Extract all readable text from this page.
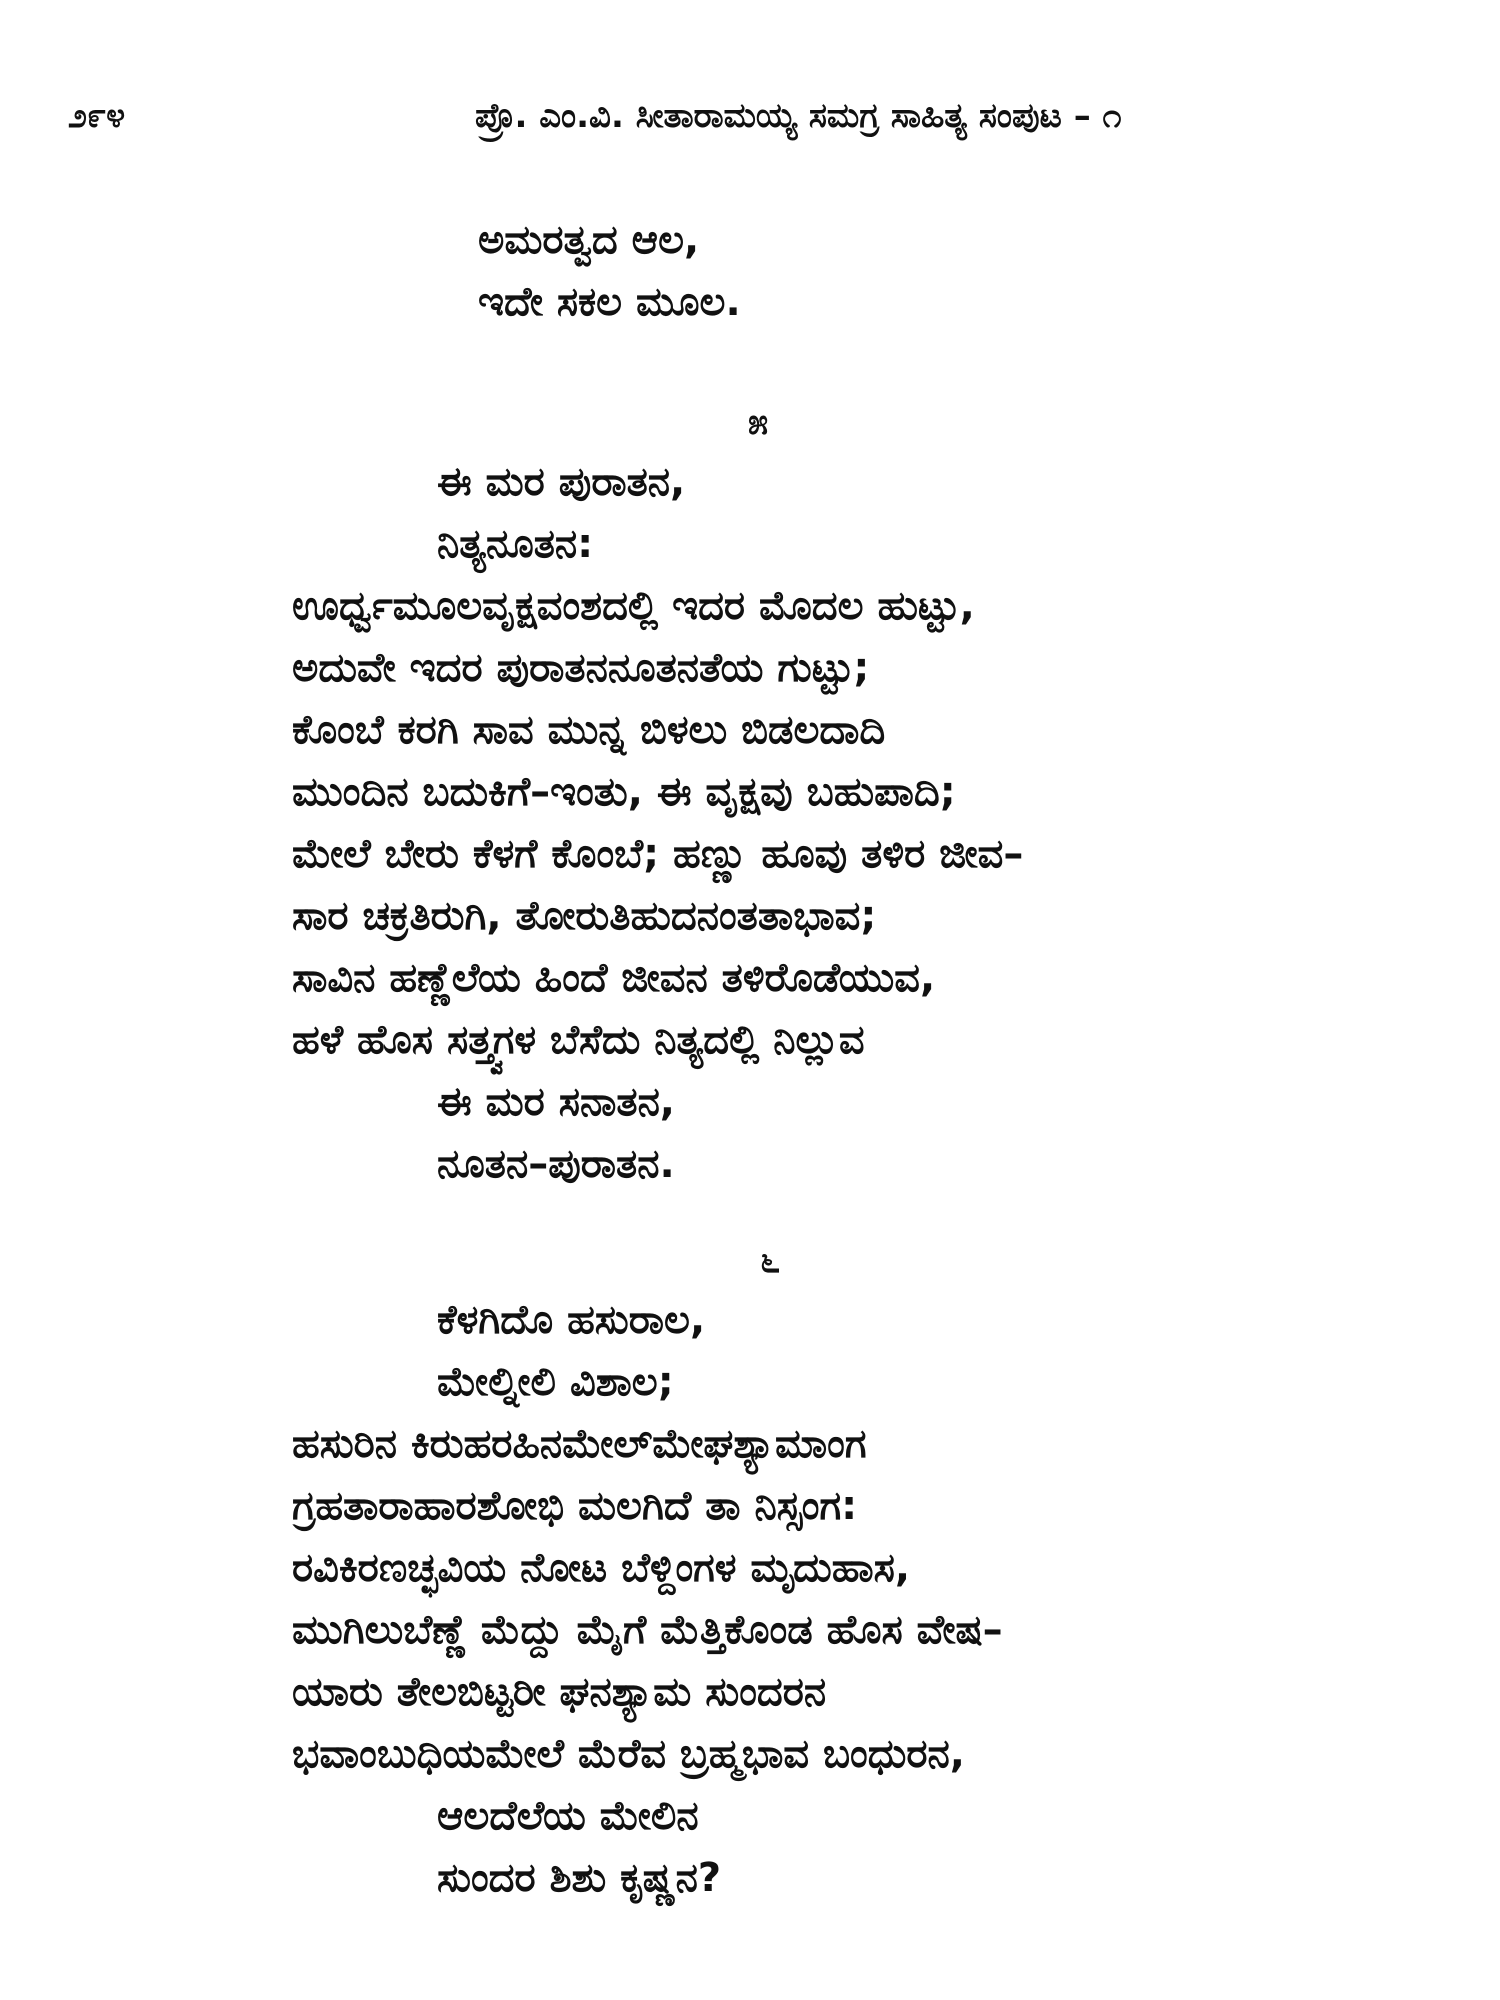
೨೯೪	ಪ್ರೊ. ಎಂ.ವಿ. ಸೀತಾರಾಮಯ್ಯ ಸಮಗ್ರ ಸಾಹಿತ್ಯ ಸಂಪುಟ – ೧
ಅಮರತ್ವದ ಆಲ,
ಇದೇ ಸಕಲ ಮೂಲ.
೫
ಈ ಮರ ಪುರಾತನ,
ನಿತ್ಯನೂತನ:
ಊರ್ಧ್ವಮೂಲವೃಕ್ಷವಂಶದಲ್ಲಿ ಇದರ ಮೊದಲ ಹುಟ್ಟು,
ಅದುವೇ ಇದರ ಪುರಾತನನೂತನತೆಯ ಗುಟ್ಟು;
ಕೊಂಬೆ ಕರಗಿ ಸಾವ ಮುನ್ನ ಬಿಳಲು ಬಿಡಲದಾದಿ
ಮುಂದಿನ ಬದುಕಿಗೆ–ಇಂತು, ಈ ವೃಕ್ಷವು ಬಹುಪಾದಿ;
ಮೇಲೆ ಬೇರು ಕೆಳಗೆ ಕೊಂಬೆ; ಹಣ್ಣು ಹೂವು ತಳಿರ ಜೀವ–
ಸಾರ ಚಕ್ರತಿರುಗಿ, ತೋರುತಿಹುದನಂತತಾಭಾವ;
ಸಾವಿನ ಹಣ್ಣೆಲೆಯ ಹಿಂದೆ ಜೀವನ ತಳಿರೊಡೆಯುವ,
ಹಳೆ ಹೊಸ ಸತ್ತ್ವಗಳ ಬೆಸೆದು ನಿತ್ಯದಲ್ಲಿ ನಿಲ್ಲುವ
ಈ ಮರ ಸನಾತನ,
ನೂತನ–ಪುರಾತನ.
೬
ಕೆಳಗಿದೊ ಹಸುರಾಲ,
ಮೇಲ್ನೀಲಿ ವಿಶಾಲ;
ಹಸುರಿನ ಕಿರುಹರಹಿನಮೇಲ್‌ಮೇಘಶ್ಯಾಮಾಂಗ
ಗ್ರಹತಾರಾಹಾರಶೋಭಿ ಮಲಗಿದೆ ತಾ ನಿಸ್ಸಂಗ:
ರವಿಕಿರಣಚ್ಛವಿಯ ನೋಟ ಬೆಳ್ದಿಂಗಳ ಮೃದುಹಾಸ,
ಮುಗಿಲುಬೆಣ್ಣೆ ಮೆದ್ದು ಮೈಗೆ ಮೆತ್ತಿಕೊಂಡ ಹೊಸ ವೇಷ–
ಯಾರು ತೇಲಬಿಟ್ಟರೀ ಘನಶ್ಯಾಮ ಸುಂದರನ
ಭವಾಂಬುಧಿಯಮೇಲೆ ಮೆರೆವ ಬ್ರಹ್ಮಭಾವ ಬಂಧುರನ,
ಆಲದೆಲೆಯ ಮೇಲಿನ
ಸುಂದರ ಶಿಶು ಕೃಷ್ಣನ?
